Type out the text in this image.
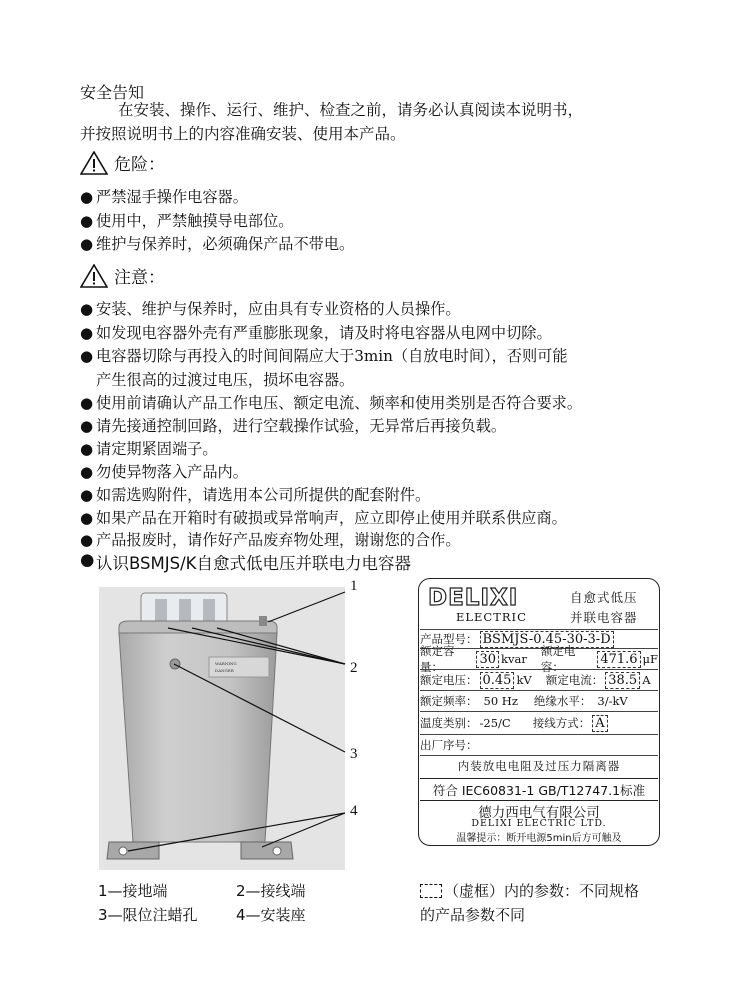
安全告知
在安装、操作、运行、维护、检查之前，请务必认真阅读本说明书，
并按照说明书上的内容准确安装、使用本产品。
危险：
● 严禁湿手操作电容器。
● 使用中，严禁触摸导电部位。
● 维护与保养时，必须确保产品不带电。
注意：
● 安装、维护与保养时，应由具有专业资格的人员操作。
● 如发现电容器外壳有严重膨胀现象，请及时将电容器从电网中切除。
● 电容器切除与再投入的时间间隔应大于3min（自放电时间），否则可能
产生很高的过渡过电压，损坏电容器。
● 使用前请确认产品工作电压、额定电流、频率和使用类别是否符合要求。
● 请先接通控制回路，进行空载操作试验，无异常后再接负载。
● 请定期紧固端子。
● 勿使异物落入产品内。
● 如需选购附件，请选用本公司所提供的配套附件。
● 如果产品在开箱时有破损或异常响声，应立即停止使用并联系供应商。
● 产品报废时，请作好产品废弃物处理，谢谢您的合作。
● 认识BSMJS/K自愈式低电压并联电力电容器
WARNING
DANGER
1
2
3
4
DELIXI
ELECTRIC
自愈式低压
并联电容器
产品型号： BSMJS-0.45-30-3-D
额定容量：
30 kvar
额定电容：
471.6 μF
额定电压： 0.45 kV 额定电流： 38.5 A
额定频率： 50 Hz 绝缘水平： 3/-kV
温度类别： -25/C 接线方式： A
出厂序号：
内装放电电阻及过压力隔离器
符合 IEC60831-1 GB/T12747.1标准
德力西电气有限公司
DELIXI ELECTRIC LTD.
温馨提示：断开电源5min后方可触及
1—接地端	2—接线端
3—限位注蜡孔	4—安装座
（虚框）内的参数：不同规格
的产品参数不同
